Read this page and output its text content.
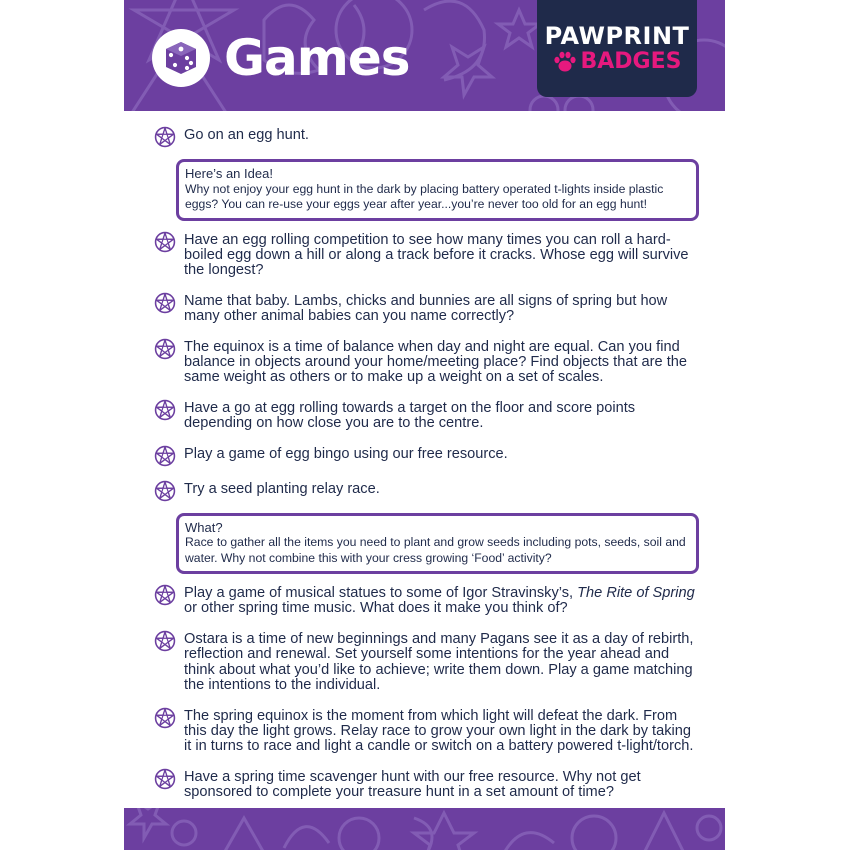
Games	PAWPRINT
BADGES
Go on an egg hunt.
Here’s an Idea!
Why not enjoy your egg hunt in the dark by placing battery operated t-lights inside plastic eggs? You can re-use your eggs year after year...you’re never too old for an egg hunt!
Have an egg rolling competition to see how many times you can roll a hard-boiled egg down a hill or along a track before it cracks. Whose egg will survive the longest?
Name that baby. Lambs, chicks and bunnies are all signs of spring but how many other animal babies can you name correctly?
The equinox is a time of balance when day and night are equal. Can you find balance in objects around your home/meeting place? Find objects that are the same weight as others or to make up a weight on a set of scales.
Have a go at egg rolling towards a target on the floor and score points depending on how close you are to the centre.
Play a game of egg bingo using our free resource.
Try a seed planting relay race.
What?
Race to gather all the items you need to plant and grow seeds including pots, seeds, soil and water. Why not combine this with your cress growing ‘Food’ activity?
Play a game of musical statues to some of Igor Stravinsky’s, The Rite of Spring or other spring time music. What does it make you think of?
Ostara is a time of new beginnings and many Pagans see it as a day of rebirth, reflection and renewal. Set yourself some intentions for the year ahead and think about what you’d like to achieve; write them down. Play a game matching the intentions to the individual.
The spring equinox is the moment from which light will defeat the dark. From this day the light grows. Relay race to grow your own light in the dark by taking it in turns to race and light a candle or switch on a battery powered t-light/torch.
Have a spring time scavenger hunt with our free resource. Why not get sponsored to complete your treasure hunt in a set amount of time?
